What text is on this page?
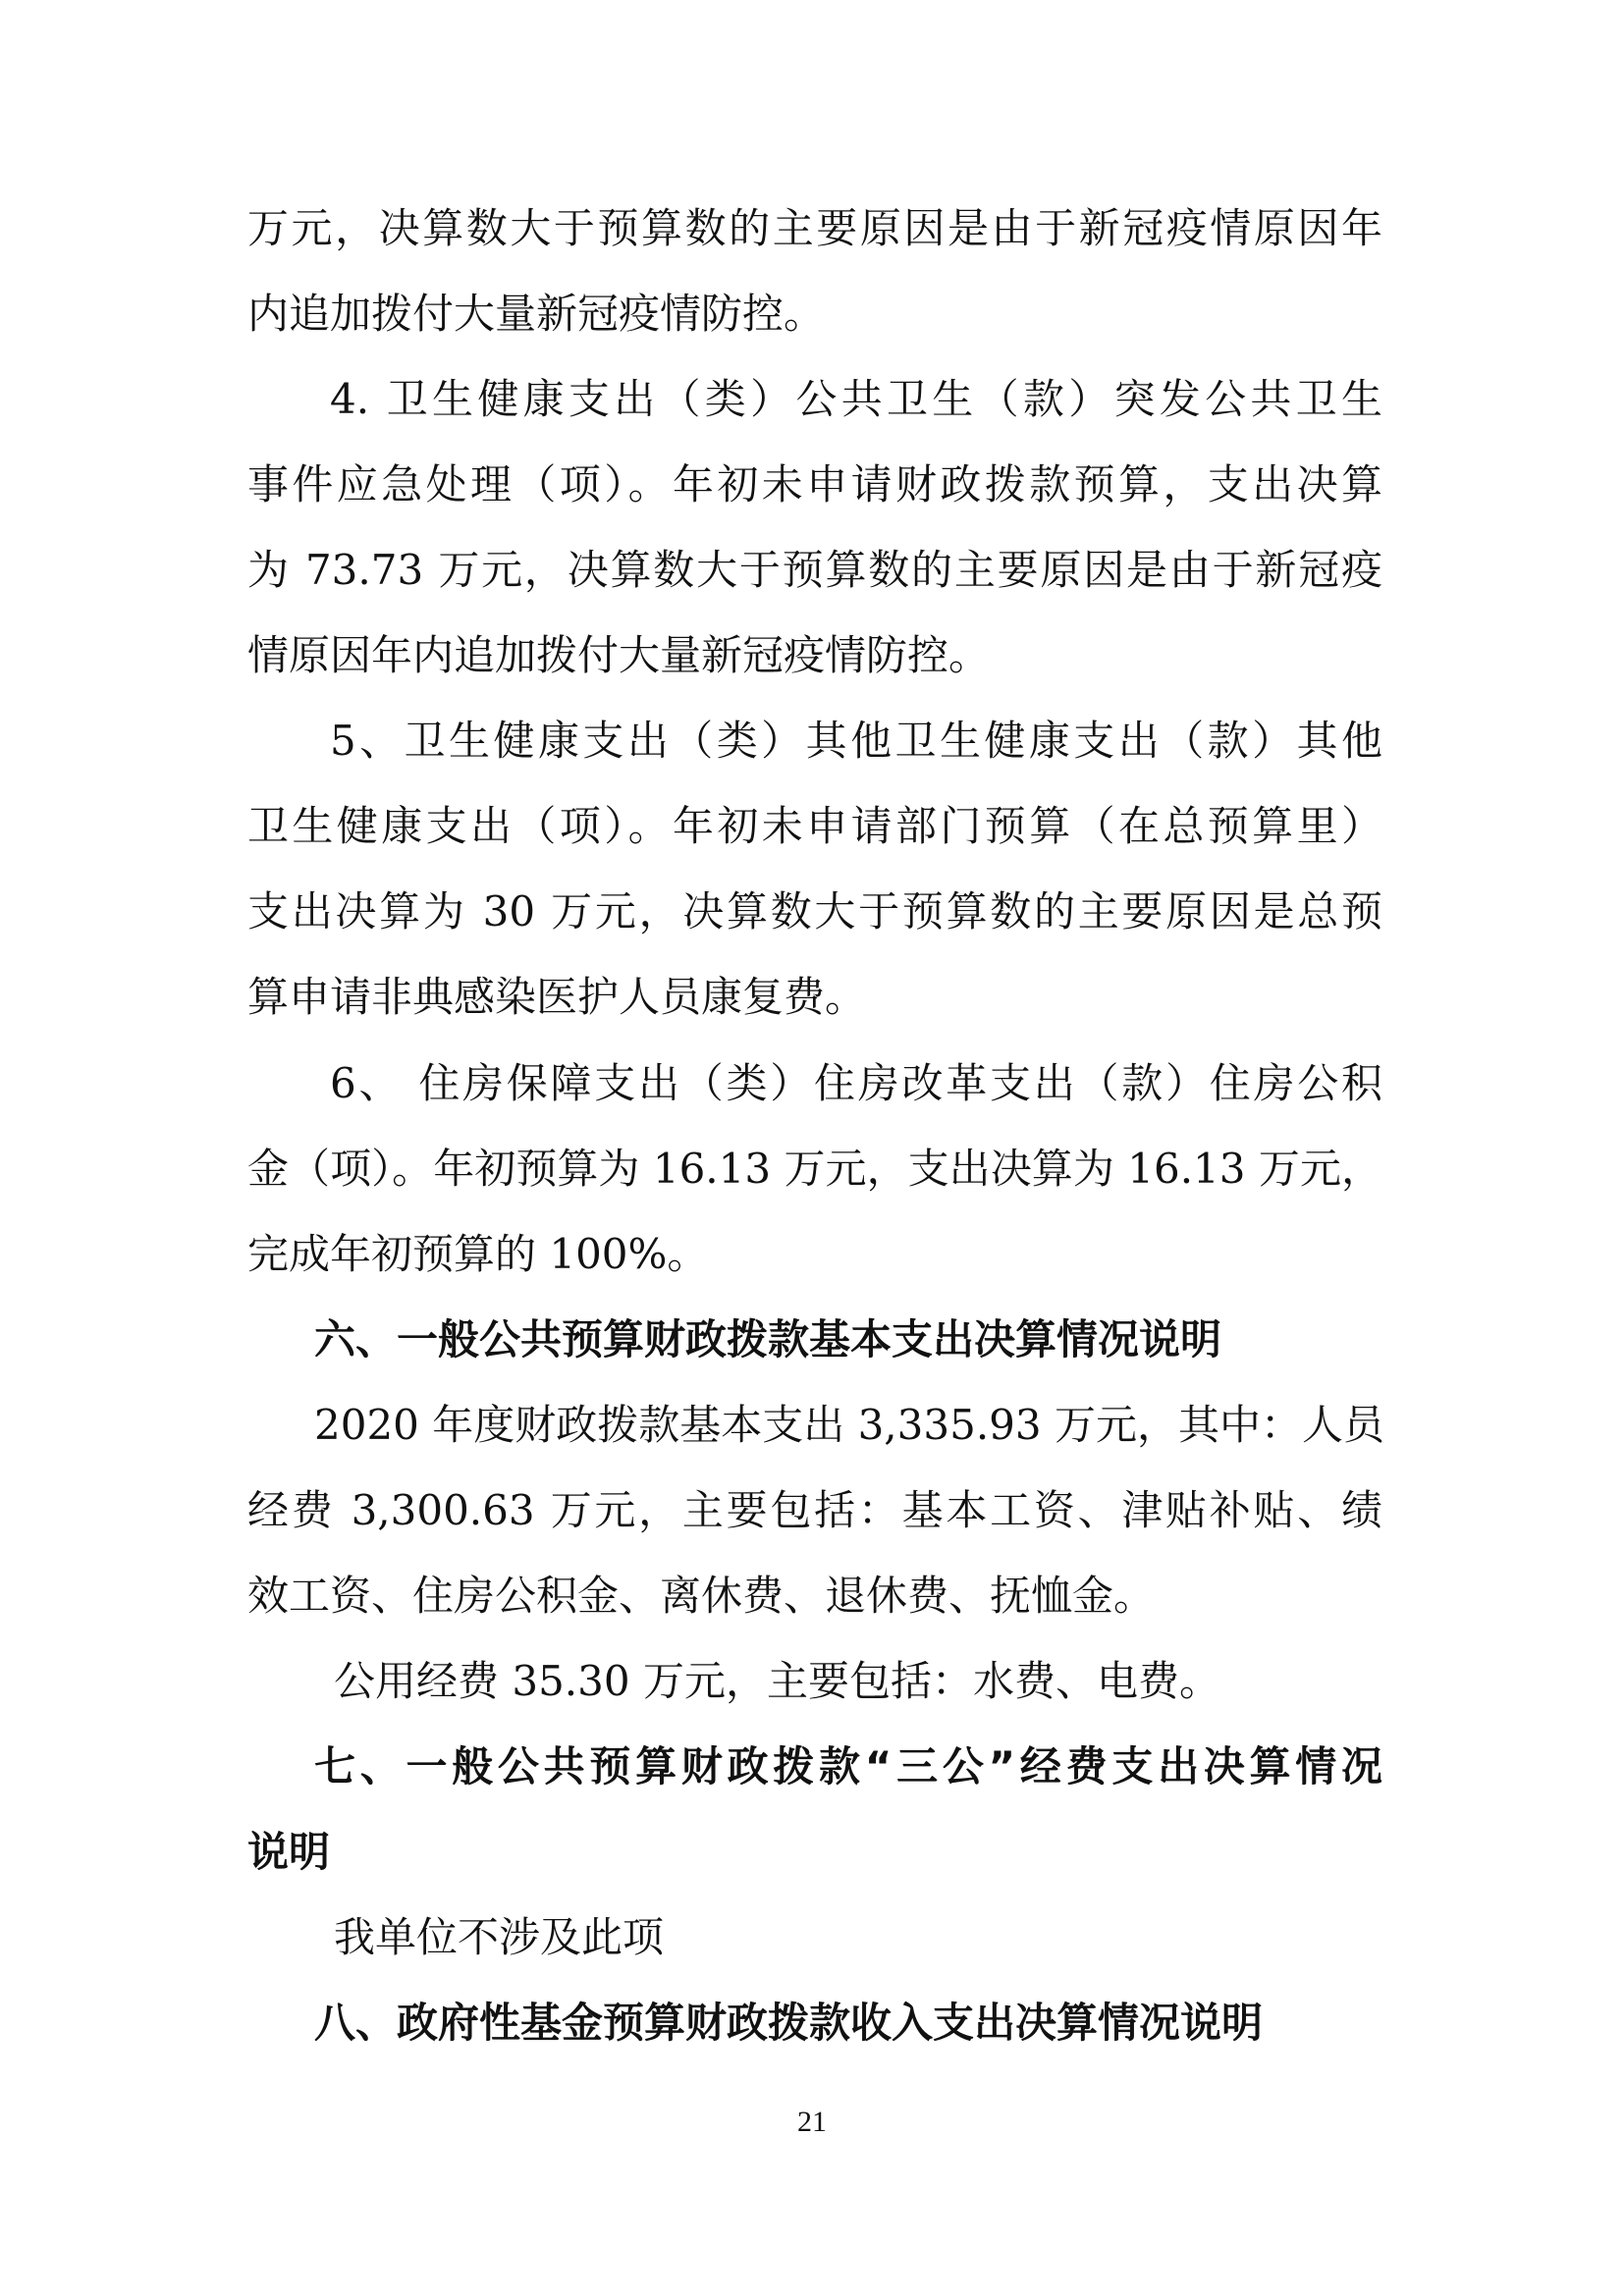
万元，决算数大于预算数的主要原因是由于新冠疫情原因年
内追加拨付大量新冠疫情防控。
4. 卫生健康支出（类）公共卫生（款）突发公共卫生
事件应急处理（项）。年初未申请财政拨款预算，支出决算
为 73.73 万元，决算数大于预算数的主要原因是由于新冠疫
情原因年内追加拨付大量新冠疫情防控。
5、卫生健康支出（类）其他卫生健康支出（款）其他
卫生健康支出（项）。年初未申请部门预算（在总预算里）
支出决算为 30 万元，决算数大于预算数的主要原因是总预
算申请非典感染医护人员康复费。
6、 住房保障支出（类）住房改革支出（款）住房公积
金（项）。年初预算为 16.13 万元，支出决算为 16.13 万元，
完成年初预算的 100%。
六、一般公共预算财政拨款基本支出决算情况说明
2020 年度财政拨款基本支出 3,335.93 万元，其中：人员
经费 3,300.63 万元，主要包括：基本工资、津贴补贴、绩
效工资、住房公积金、离休费、退休费、抚恤金。
公用经费 35.30 万元，主要包括：水费、电费。
七、一般公共预算财政拨款“三公”经费支出决算情况
说明
我单位不涉及此项
八、政府性基金预算财政拨款收入支出决算情况说明
21
